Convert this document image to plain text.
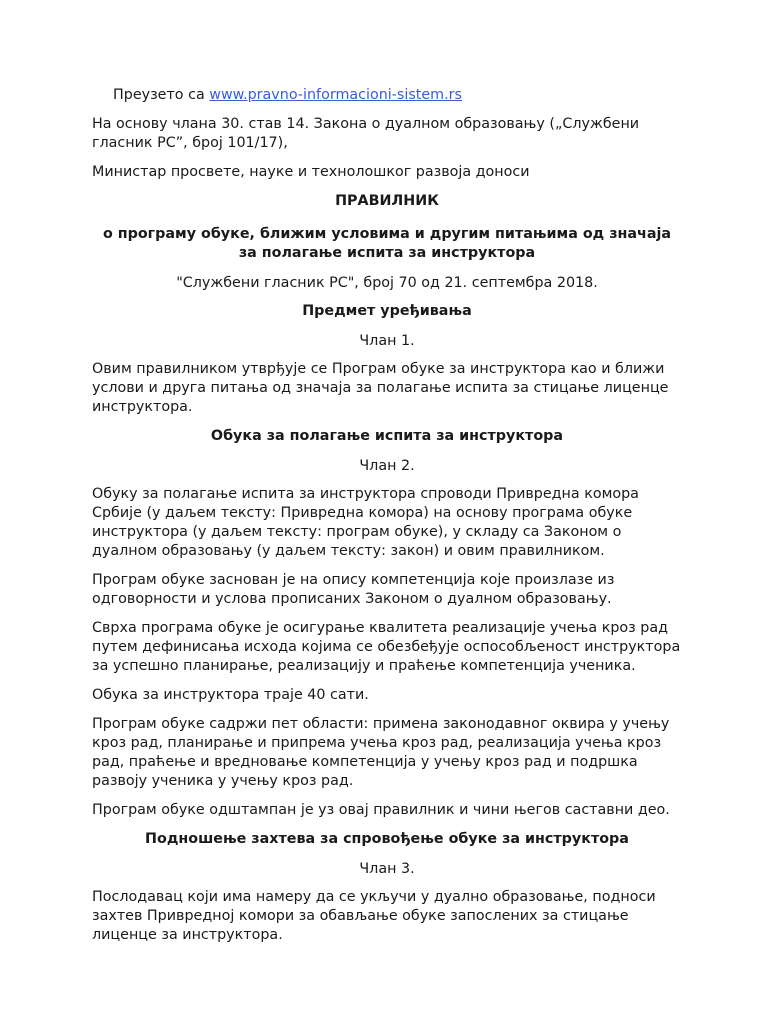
Преузето са www.pravno-informacioni-sistem.rs
На основу члана 30. став 14. Закона о дуалном образовању („Службени
гласник РС”, број 101/17),
Министар просвете, науке и технолошког развоја доноси
ПРАВИЛНИК
о програму обуке, ближим условима и другим питањима од значаја
за полагање испита за инструктора
"Службени гласник РС", број 70 од 21. септембра 2018.
Предмет уређивања
Члан 1.
Овим правилником утврђује се Програм обуке за инструктора као и ближи
услови и друга питања од значаја за полагање испита за стицање лиценце
инструктора.
Обука за полагање испита за инструктора
Члан 2.
Обуку за полагање испита за инструктора спроводи Привредна комора
Србије (у даљем тексту: Привредна комора) на основу програма обуке
инструктора (у даљем тексту: програм обуке), у складу са Законом о
дуалном образовању (у даљем тексту: закон) и овим правилником.
Програм обуке заснован је на опису компетенција које произлазе из
одговорности и услова прописаних Законом о дуалном образовању.
Сврха програма обуке је осигурање квалитета реализације учења кроз рад
путем дефинисања исхода којима се обезбеђује оспособљеност инструктора
за успешно планирање, реализацију и праћење компетенција ученика.
Обука за инструктора траје 40 сати.
Програм обуке садржи пет области: примена законодавног оквира у учењу
кроз рад, планирање и припрема учења кроз рад, реализација учења кроз
рад, праћење и вредновање компетенција у учењу кроз рад и подршка
развоју ученика у учењу кроз рад.
Програм обуке одштампан је уз овај правилник и чини његов саставни део.
Подношење захтева за спровођење обуке за инструктора
Члан 3.
Послодавац који има намеру да се укључи у дуално образовање, подноси
захтев Привредној комори за обављање обуке запослених за стицање
лиценце за инструктора.
